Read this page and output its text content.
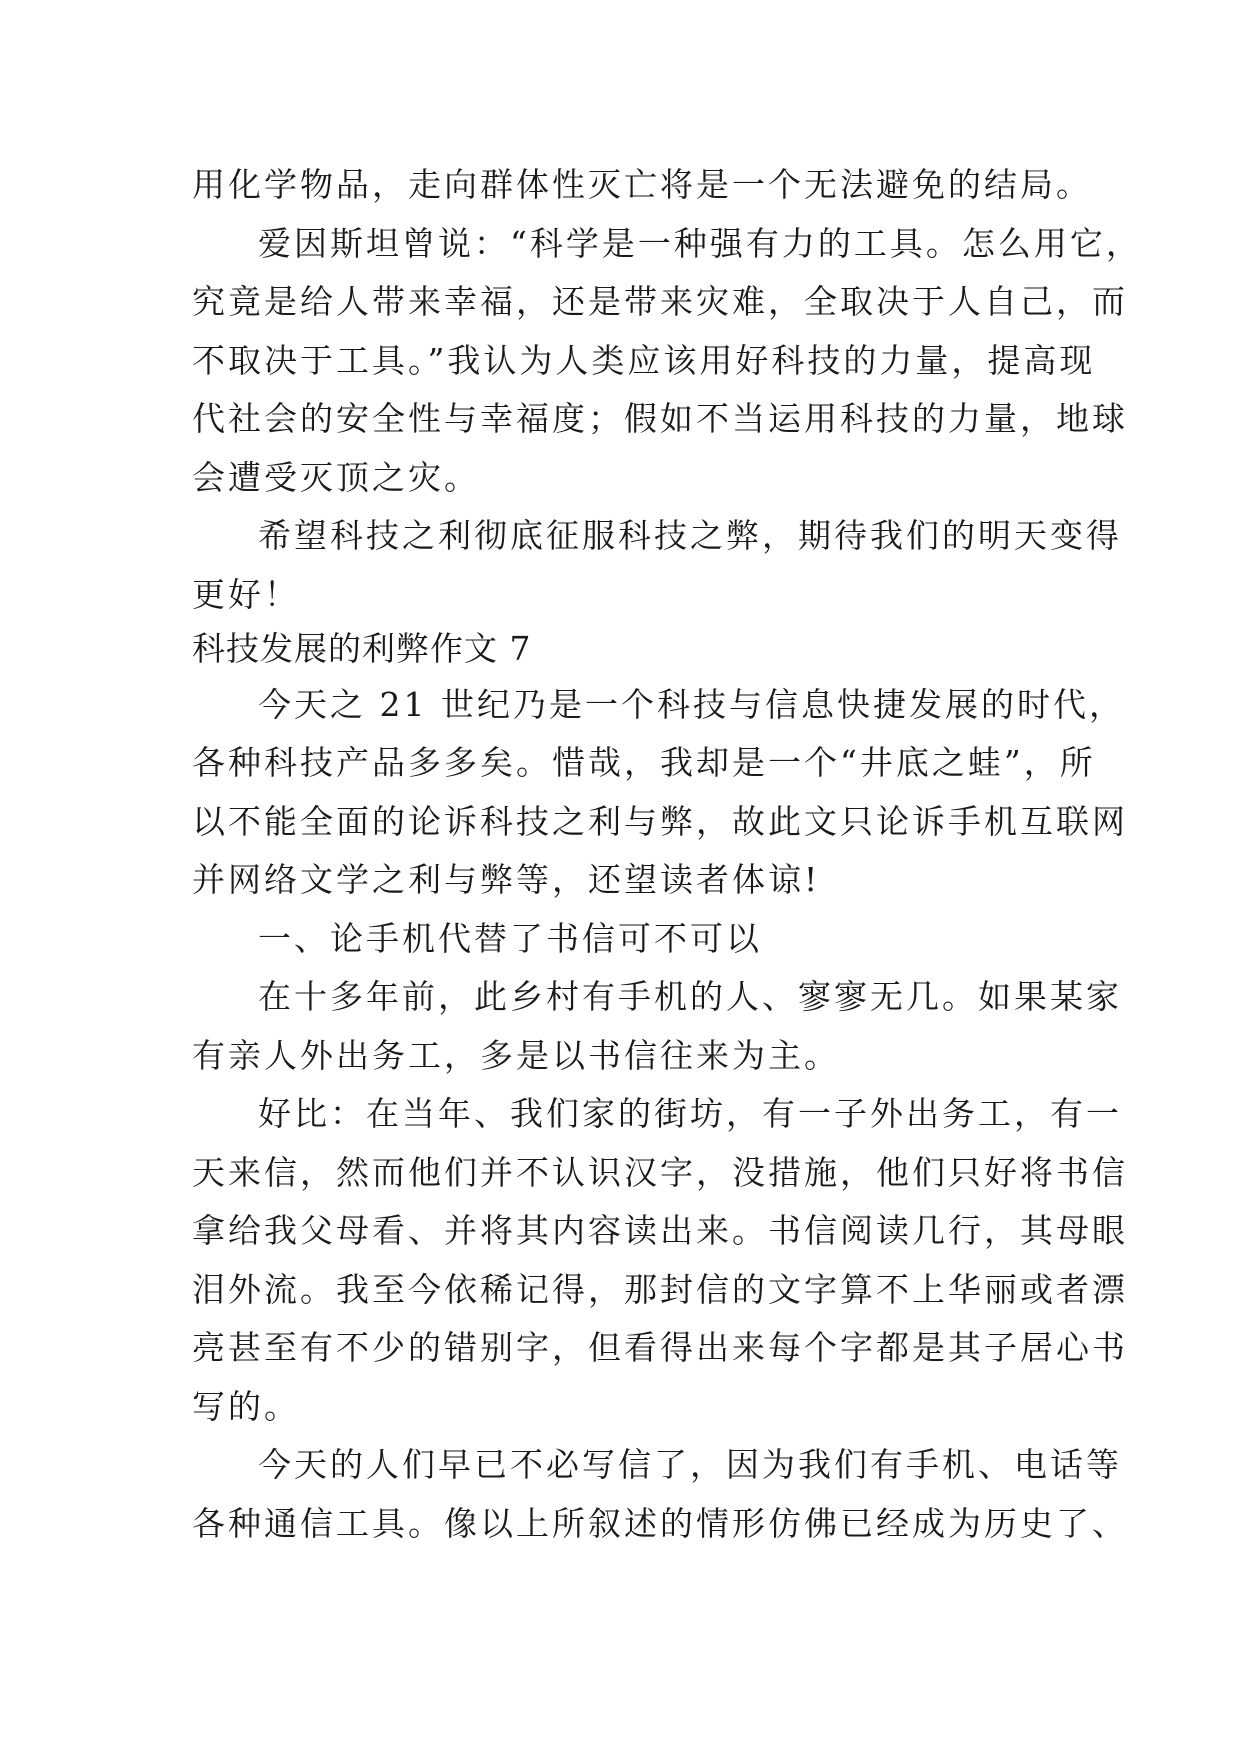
用化学物品，走向群体性灭亡将是一个无法避免的结局。
爱因斯坦曾说：“科学是一种强有力的工具。怎么用它，
究竟是给人带来幸福，还是带来灾难，全取决于人自己，而
不取决于工具。”我认为人类应该用好科技的力量，提高现
代社会的安全性与幸福度；假如不当运用科技的力量，地球
会遭受灭顶之灾。
希望科技之利彻底征服科技之弊，期待我们的明天变得
更好！
科技发展的利弊作文 7
今天之 21 世纪乃是一个科技与信息快捷发展的时代，
各种科技产品多多矣。惜哉，我却是一个“井底之蛙”，所
以不能全面的论诉科技之利与弊，故此文只论诉手机互联网
并网络文学之利与弊等，还望读者体谅!
一、论手机代替了书信可不可以
在十多年前，此乡村有手机的人、寥寥无几。如果某家
有亲人外出务工，多是以书信往来为主。
好比：在当年、我们家的街坊，有一子外出务工，有一
天来信，然而他们并不认识汉字，没措施，他们只好将书信
拿给我父母看、并将其内容读出来。书信阅读几行，其母眼
泪外流。我至今依稀记得，那封信的文字算不上华丽或者漂
亮甚至有不少的错别字，但看得出来每个字都是其子居心书
写的。
今天的人们早已不必写信了，因为我们有手机、电话等
各种通信工具。像以上所叙述的情形仿佛已经成为历史了、
